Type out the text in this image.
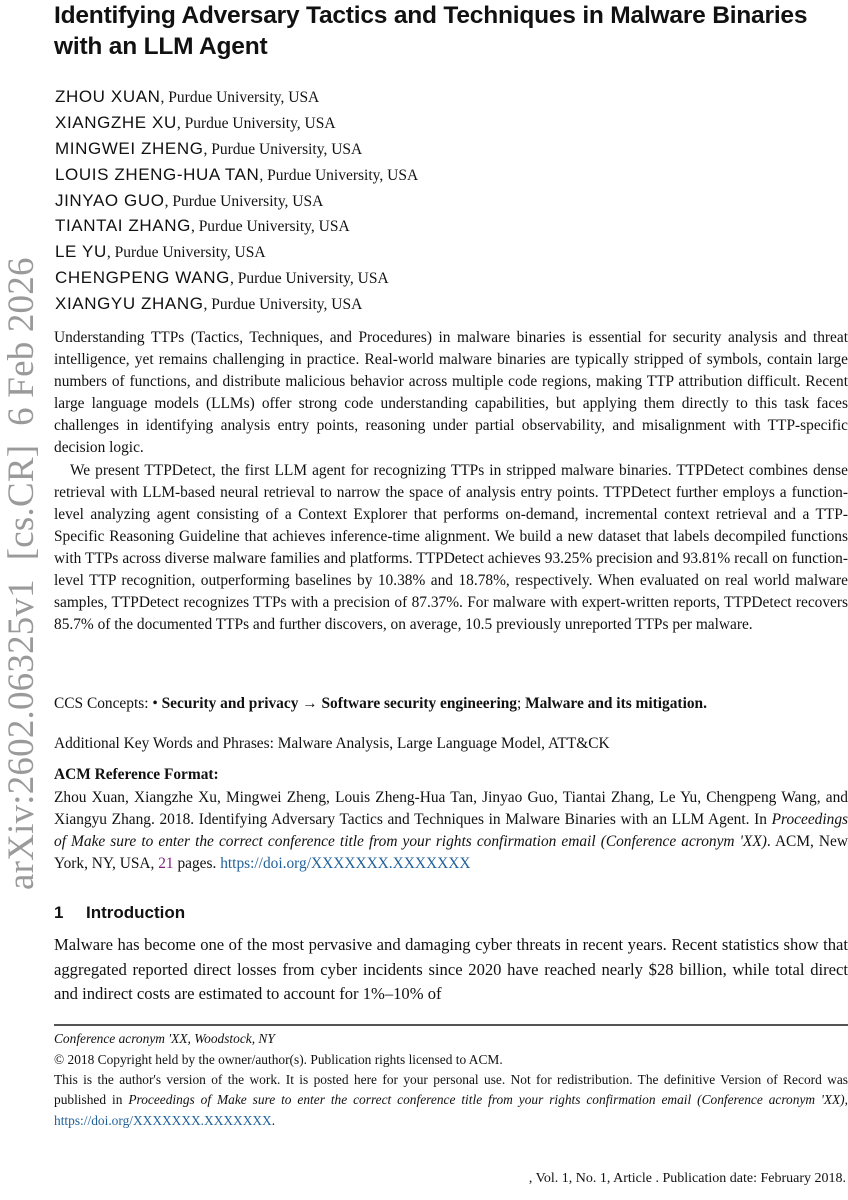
arXiv:2602.06325v1  [cs.CR]  6 Feb 2026
Identifying Adversary Tactics and Techniques in Malware Binaries with an LLM Agent
ZHOU XUAN, Purdue University, USA
XIANGZHE XU, Purdue University, USA
MINGWEI ZHENG, Purdue University, USA
LOUIS ZHENG-HUA TAN, Purdue University, USA
JINYAO GUO, Purdue University, USA
TIANTAI ZHANG, Purdue University, USA
LE YU, Purdue University, USA
CHENGPENG WANG, Purdue University, USA
XIANGYU ZHANG, Purdue University, USA

Understanding TTPs (Tactics, Techniques, and Procedures) in malware binaries is essential for security analysis and threat intelligence, yet remains challenging in practice. Real-world malware binaries are typically stripped of symbols, contain large numbers of functions, and distribute malicious behavior across multiple code regions, making TTP attribution difficult. Recent large language models (LLMs) offer strong code understanding capabilities, but applying them directly to this task faces challenges in identifying analysis entry points, reasoning under partial observability, and misalignment with TTP-specific decision logic.

We present TTPDetect, the first LLM agent for recognizing TTPs in stripped malware binaries. TTPDetect combines dense retrieval with LLM-based neural retrieval to narrow the space of analysis entry points. TTPDetect further employs a function-level analyzing agent consisting of a Context Explorer that performs on-demand, incremental context retrieval and a TTP-Specific Reasoning Guideline that achieves inference-time alignment. We build a new dataset that labels decompiled functions with TTPs across diverse malware families and platforms. TTPDetect achieves 93.25% precision and 93.81% recall on function-level TTP recognition, outperforming baselines by 10.38% and 18.78%, respectively. When evaluated on real world malware samples, TTPDetect recognizes TTPs with a precision of 87.37%. For malware with expert-written reports, TTPDetect recovers 85.7% of the documented TTPs and further discovers, on average, 10.5 previously unreported TTPs per malware.

CCS Concepts: • Security and privacy → Software security engineering; Malware and its mitigation.
Additional Key Words and Phrases: Malware Analysis, Large Language Model, ATT&CK
ACM Reference Format:
Zhou Xuan, Xiangzhe Xu, Mingwei Zheng, Louis Zheng-Hua Tan, Jinyao Guo, Tiantai Zhang, Le Yu, Chengpeng Wang, and Xiangyu Zhang. 2018. Identifying Adversary Tactics and Techniques in Malware Binaries with an LLM Agent. In Proceedings of Make sure to enter the correct conference title from your rights confirmation email (Conference acronym 'XX). ACM, New York, NY, USA, 21 pages. https://doi.org/XXXXXXX.XXXXXXX
1 Introduction
Malware has become one of the most pervasive and damaging cyber threats in recent years. Recent statistics show that aggregated reported direct losses from cyber incidents since 2020 have reached nearly $28 billion, while total direct and indirect costs are estimated to account for 1%–10% of
Conference acronym 'XX, Woodstock, NY
© 2018 Copyright held by the owner/author(s). Publication rights licensed to ACM.
This is the author's version of the work. It is posted here for your personal use. Not for redistribution. The definitive Version of Record was published in Proceedings of Make sure to enter the correct conference title from your rights confirmation email (Conference acronym 'XX), https://doi.org/XXXXXXX.XXXXXXX.
, Vol. 1, No. 1, Article . Publication date: February 2018.
